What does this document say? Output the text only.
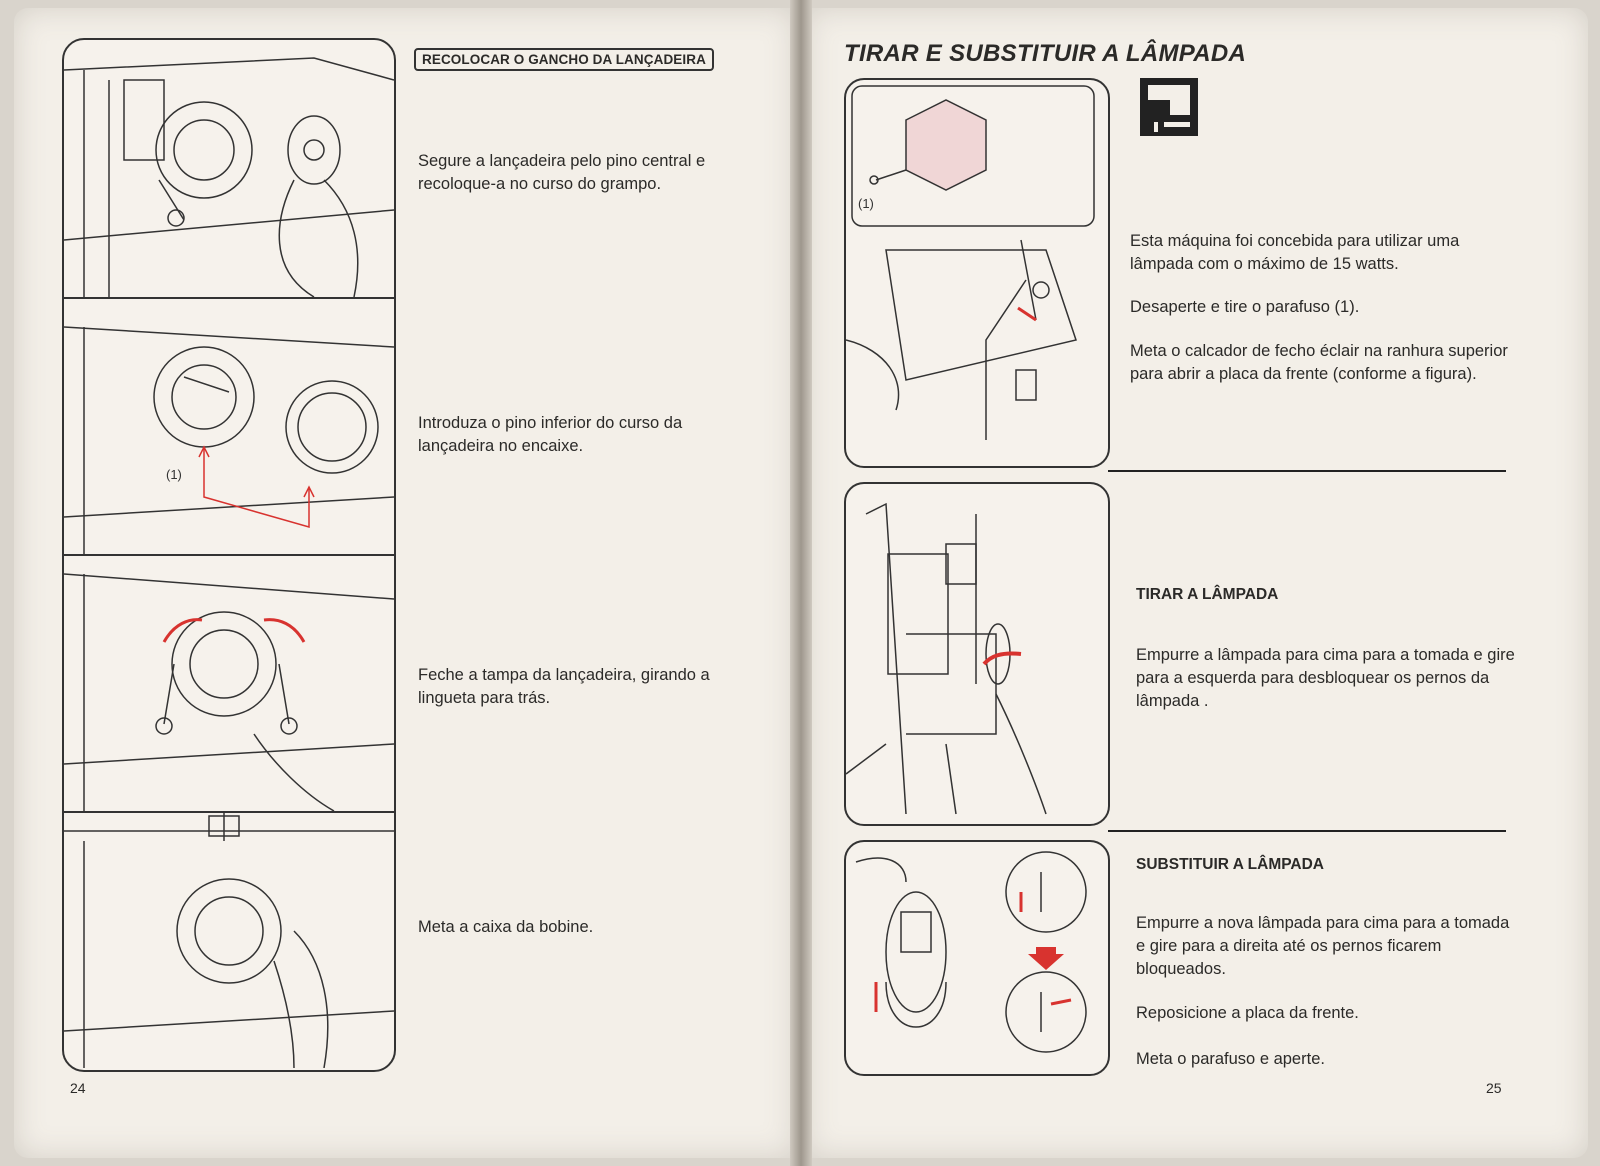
(1)
RECOLOCAR O GANCHO DA LANÇADEIRA
Segure a lançadeira pelo pino central e recoloque-a no curso do grampo.
Introduza o pino inferior do curso da lançadeira no encaixe.
Feche a tampa da lançadeira, girando a lingueta para trás.
Meta a caixa da bobine.
24
TIRAR E SUBSTITUIR A LÂMPADA
(1)
Esta máquina foi concebida para utilizar uma lâmpada com o máximo de 15 watts.
Desaperte e tire o parafuso (1).
Meta o calcador de fecho éclair na ranhura superior para abrir a placa da frente (conforme a figura).
TIRAR A LÂMPADA
Empurre a lâmpada para cima para a tomada e gire para a esquerda para desbloquear os pernos da lâmpada .
SUBSTITUIR A LÂMPADA
Empurre a nova lâmpada para cima para a tomada e gire para a direita até os pernos ficarem bloqueados.
Reposicione a placa da frente.
Meta o parafuso e aperte.
25
